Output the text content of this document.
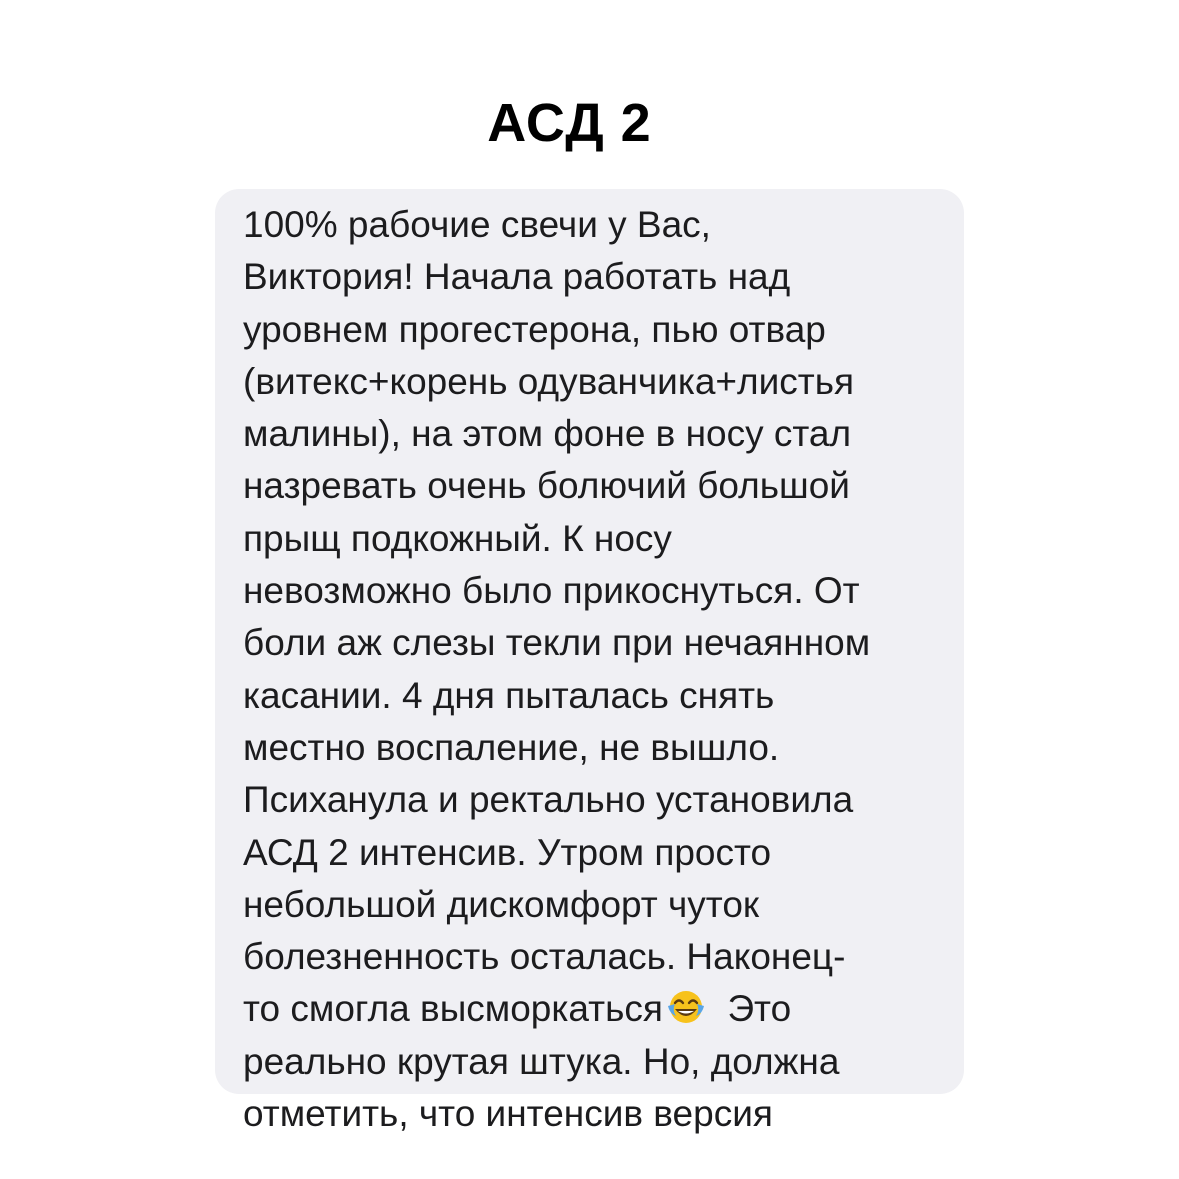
АСД 2
100% рабочие свечи у Вас,
Виктория! Начала работать над
уровнем прогестерона, пью отвар
(витекс+корень одуванчика+листья
малины), на этом фоне в носу стал
назревать очень болючий большой
прыщ подкожный. К носу
невозможно было прикоснуться. От
боли аж слезы текли при нечаянном
касании. 4 дня пыталась снять
местно воспаление, не вышло.
Психанула и ректально установила
АСД 2 интенсив. Утром просто
небольшой дискомфорт чуток
болезненность осталась. Наконец-
то смогла высморкаться
Это
реально крутая штука. Но, должна
отметить, что интенсив версия
